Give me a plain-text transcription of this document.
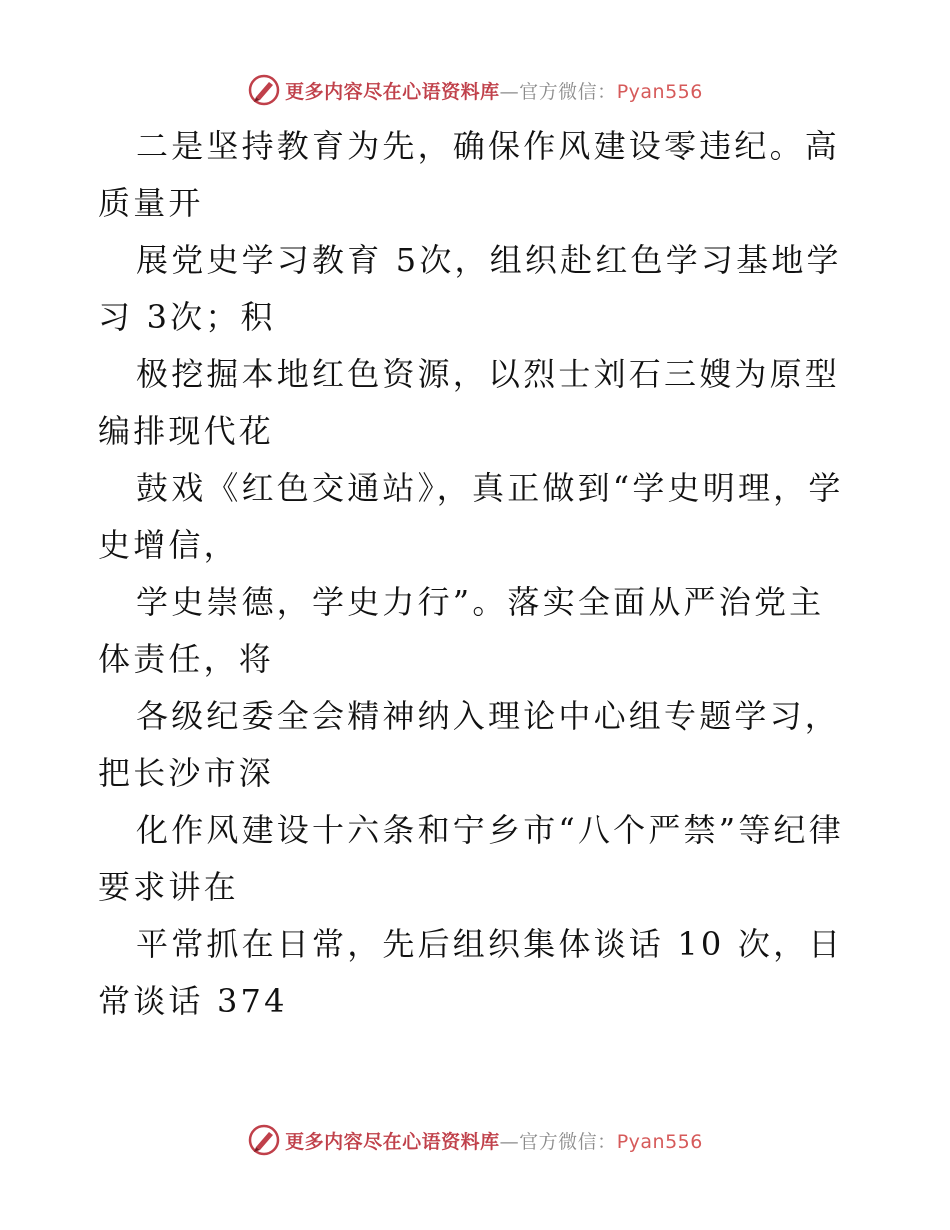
更多内容尽在心语资料库—官方微信：Pyan556

二是坚持教育为先，确保作风建设零违纪。高质量开

展党史学习教育 5次，组织赴红色学习基地学习 3次；积

极挖掘本地红色资源，以烈士刘石三嫂为原型编排现代花

鼓戏《红色交通站》，真正做到“学史明理，学史增信，

学史崇德，学史力行”。落实全面从严治党主体责任，将

各级纪委全会精神纳入理论中心组专题学习，把长沙市深

化作风建设十六条和宁乡市“八个严禁”等纪律要求讲在

平常抓在日常，先后组织集体谈话 10 次，日常谈话 374

更多内容尽在心语资料库—官方微信：Pyan556
